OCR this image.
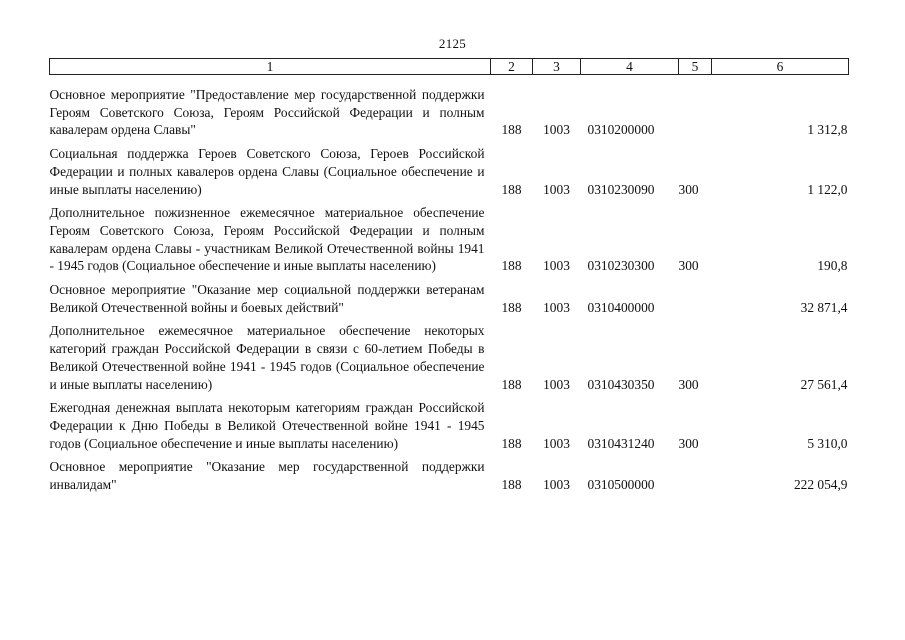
2125
1	2	3	4	5	6
Основное мероприятие "Предоставление мер государственной поддержки Героям Советского Союза, Героям Российской Федерации и полным кавалерам ордена Славы"	188	1003	0310200000		1 312,8
Социальная поддержка Героев Советского Союза, Героев Российской Федерации и полных кавалеров ордена Славы (Социальное обеспечение и иные выплаты населению)	188	1003	0310230090	300	1 122,0
Дополнительное пожизненное ежемесячное материальное обеспечение Героям Советского Союза, Героям Российской Федерации и полным кавалерам ордена Славы - участникам Великой Отечественной войны 1941 - 1945 годов (Социальное обеспечение и иные выплаты населению)	188	1003	0310230300	300	190,8
Основное мероприятие "Оказание мер социальной поддержки ветеранам Великой Отечественной войны и боевых действий"	188	1003	0310400000		32 871,4
Дополнительное ежемесячное материальное обеспечение некоторых категорий граждан Российской Федерации в связи с 60-летием Победы в Великой Отечественной войне 1941 - 1945 годов (Социальное обеспечение и иные выплаты населению)	188	1003	0310430350	300	27 561,4
Ежегодная денежная выплата некоторым категориям граждан Российской Федерации к Дню Победы в Великой Отечественной войне 1941 - 1945 годов (Социальное обеспечение и иные выплаты населению)	188	1003	0310431240	300	5 310,0
Основное мероприятие "Оказание мер государственной поддержки инвалидам"	188	1003	0310500000		222 054,9
